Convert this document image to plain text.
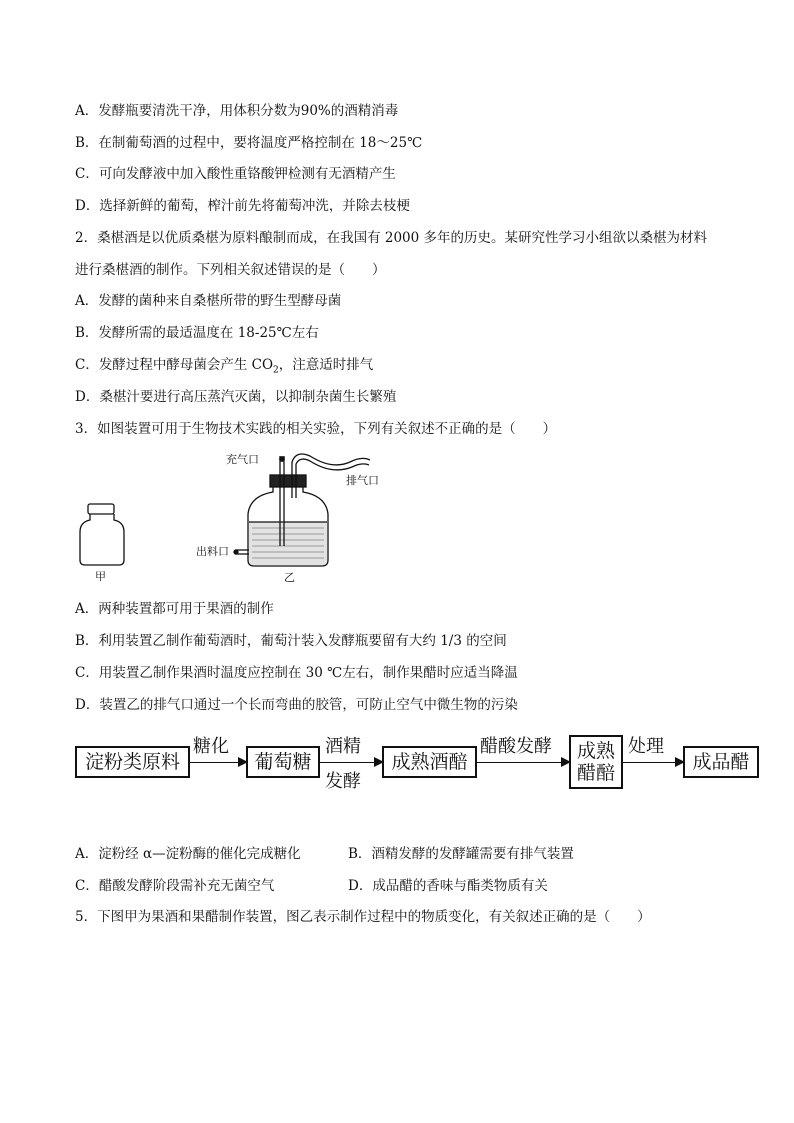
A．发酵瓶要清洗干净，用体积分数为90%的酒精消毒
B．在制葡萄酒的过程中，要将温度严格控制在 18～25℃
C．可向发酵液中加入酸性重铬酸钾检测有无酒精产生
D．选择新鲜的葡萄，榨汁前先将葡萄冲洗，并除去枝梗
2．桑椹酒是以优质桑椹为原料酿制而成，在我国有 2000 多年的历史。某研究性学习小组欲以桑椹为材料
进行桑椹酒的制作。下列相关叙述错误的是（　　）
A．发酵的菌种来自桑椹所带的野生型酵母菌
B．发酵所需的最适温度在 18-25℃左右
C．发酵过程中酵母菌会产生 $CO_2$，注意适时排气
D．桑椹汁要进行高压蒸汽灭菌，以抑制杂菌生长繁殖
3．如图装置可用于生物技术实践的相关实验，下列有关叙述不正确的是（　　）
甲
充气口
排气口
出料口
乙
A．两种装置都可用于果酒的制作
B．利用装置乙制作葡萄酒时，葡萄汁装入发酵瓶要留有大约 1/3 的空间
C．用装置乙制作果酒时温度应控制在 30 ℃左右，制作果醋时应适当降温
D．装置乙的排气口通过一个长而弯曲的胶管，可防止空气中微生物的污染
淀粉类原料
糖化
葡萄糖
酒精
发酵
成熟酒醅
醋酸发酵 成熟
醋醅
处理
成品醋
A．淀粉经 α—淀粉酶的催化完成糖化	B．酒精发酵的发酵罐需要有排气装置
C．醋酸发酵阶段需补充无菌空气	D．成品醋的香味与酯类物质有关
5．下图甲为果酒和果醋制作装置，图乙表示制作过程中的物质变化，有关叙述正确的是（　　）
